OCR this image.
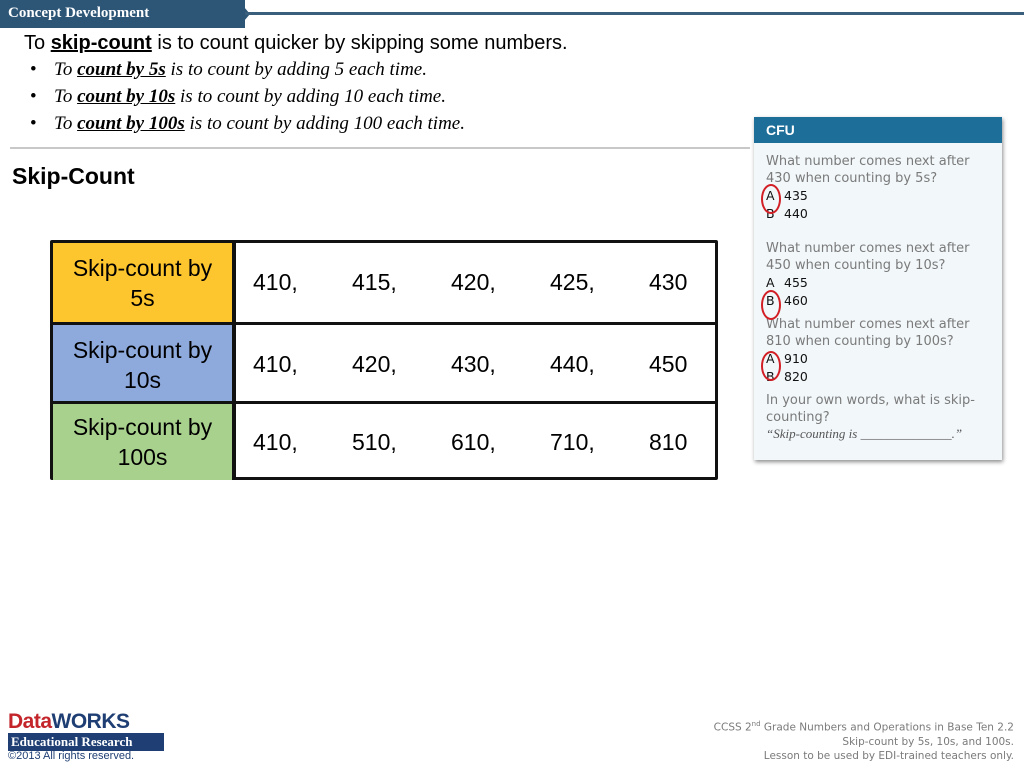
Concept Development
To skip-count is to count quicker by skipping some numbers.
• To count by 5s is to count by adding 5 each time.
• To count by 10s is to count by adding 10 each time.
• To count by 100s is to count by adding 100 each time.
Skip-Count
Skip-count by 5s
410,	415,	420,	425,	430
Skip-count by 10s
410,	420,	430,	440,	450
Skip-count by 100s
410,	510,	610,	710,	810
CFU
What number comes next after 430 when counting by 5s?
A 435
B 440
What number comes next after 450 when counting by 10s?
A 455
B 460
What number comes next after 810 when counting by 100s?
A 910
B 820
In your own words, what is skip-counting?
“Skip-counting is ______________.”
DataWORKS
Educational Research
©2013 All rights reserved.
CCSS 2nd Grade Numbers and Operations in Base Ten 2.2
Skip-count by 5s, 10s, and 100s.
Lesson to be used by EDI-trained teachers only.
